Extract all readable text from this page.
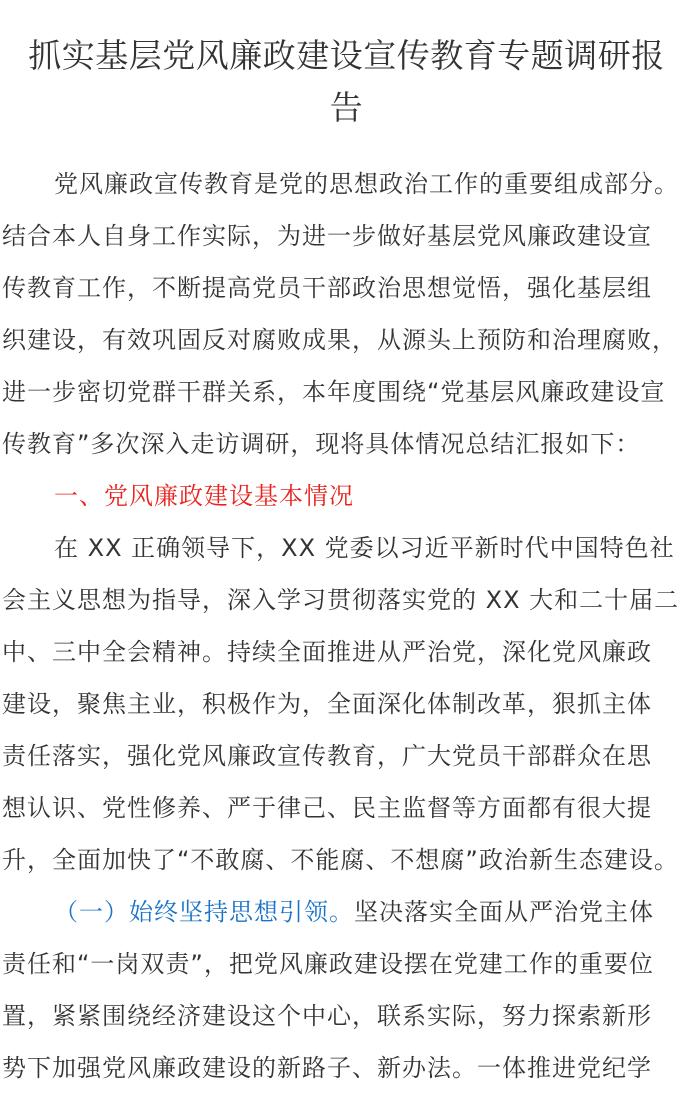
抓实基层党风廉政建设宣传教育专题调研报
告
党风廉政宣传教育是党的思想政治工作的重要组成部分。
结合本人自身工作实际，为进一步做好基层党风廉政建设宣
传教育工作，不断提高党员干部政治思想觉悟，强化基层组
织建设，有效巩固反对腐败成果，从源头上预防和治理腐败，
进一步密切党群干群关系，本年度围绕“党基层风廉政建设宣
传教育”多次深入走访调研，现将具体情况总结汇报如下：
一、党风廉政建设基本情况
在 XX 正确领导下，XX 党委以习近平新时代中国特色社
会主义思想为指导，深入学习贯彻落实党的 XX 大和二十届二
中、三中全会精神。持续全面推进从严治党，深化党风廉政
建设，聚焦主业，积极作为，全面深化体制改革，狠抓主体
责任落实，强化党风廉政宣传教育，广大党员干部群众在思
想认识、党性修养、严于律己、民主监督等方面都有很大提
升，全面加快了“不敢腐、不能腐、不想腐”政治新生态建设。
（一）始终坚持思想引领。坚决落实全面从严治党主体
责任和“一岗双责”，把党风廉政建设摆在党建工作的重要位
置，紧紧围绕经济建设这个中心，联系实际，努力探索新形
势下加强党风廉政建设的新路子、新办法。一体推进党纪学
